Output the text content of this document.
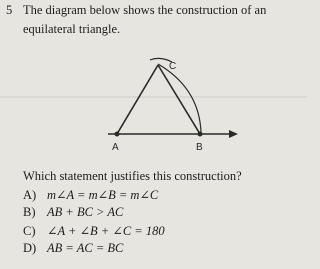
5 The diagram below shows the construction of an
equilateral triangle.
C
A	B
Which statement justifies this construction?
A) m∠A = m∠B = m∠C
B) AB + BC > AC
C) ∠A + ∠B + ∠C = 180
D) AB = AC = BC
